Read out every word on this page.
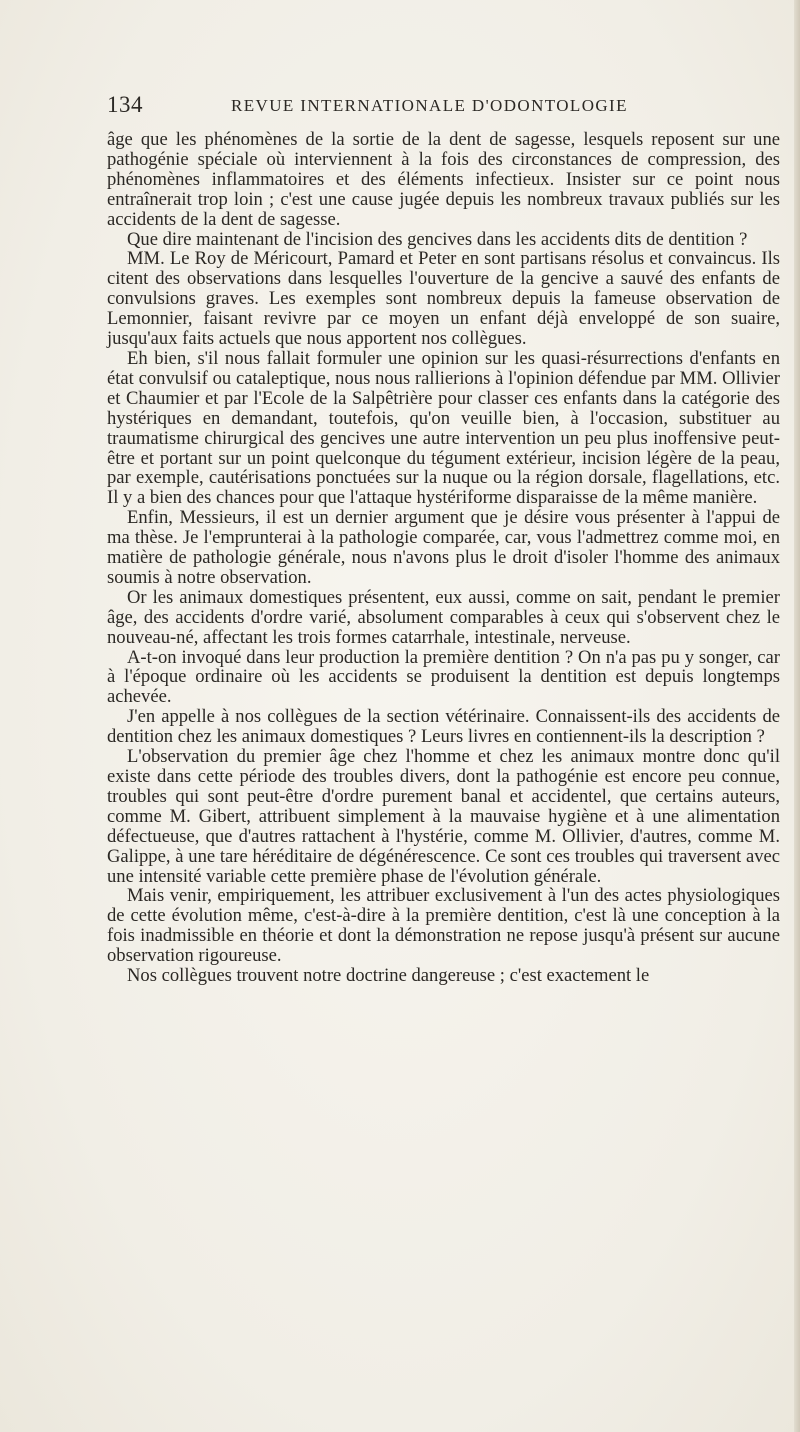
134	REVUE INTERNATIONALE D'ODONTOLOGIE

âge que les phénomènes de la sortie de la dent de sagesse, lesquels reposent sur une pathogénie spéciale où interviennent à la fois des circonstances de compression, des phénomènes inflammatoires et des éléments infectieux. Insister sur ce point nous entraînerait trop loin ; c'est une cause jugée depuis les nombreux travaux publiés sur les accidents de la dent de sagesse.

Que dire maintenant de l'incision des gencives dans les accidents dits de dentition ?

MM. Le Roy de Méricourt, Pamard et Peter en sont partisans résolus et convaincus. Ils citent des observations dans lesquelles l'ouverture de la gencive a sauvé des enfants de convulsions graves. Les exemples sont nombreux depuis la fameuse observation de Lemonnier, faisant revivre par ce moyen un enfant déjà enveloppé de son suaire, jusqu'aux faits actuels que nous apportent nos collègues.

Eh bien, s'il nous fallait formuler une opinion sur les quasi-résurrections d'enfants en état convulsif ou cataleptique, nous nous rallierions à l'opinion défendue par MM. Ollivier et Chaumier et par l'Ecole de la Salpêtrière pour classer ces enfants dans la catégorie des hystériques en demandant, toutefois, qu'on veuille bien, à l'occasion, substituer au traumatisme chirurgical des gencives une autre intervention un peu plus inoffensive peut-être et portant sur un point quelconque du tégument extérieur, incision légère de la peau, par exemple, cautérisations ponctuées sur la nuque ou la région dorsale, flagellations, etc. Il y a bien des chances pour que l'attaque hystériforme disparaisse de la même manière.

Enfin, Messieurs, il est un dernier argument que je désire vous présenter à l'appui de ma thèse. Je l'emprunterai à la pathologie comparée, car, vous l'admettrez comme moi, en matière de pathologie générale, nous n'avons plus le droit d'isoler l'homme des animaux soumis à notre observation.

Or les animaux domestiques présentent, eux aussi, comme on sait, pendant le premier âge, des accidents d'ordre varié, absolument comparables à ceux qui s'observent chez le nouveau-né, affectant les trois formes catarrhale, intestinale, nerveuse.

A-t-on invoqué dans leur production la première dentition ? On n'a pas pu y songer, car à l'époque ordinaire où les accidents se produisent la dentition est depuis longtemps achevée.

J'en appelle à nos collègues de la section vétérinaire. Connaissent-ils des accidents de dentition chez les animaux domestiques ? Leurs livres en contiennent-ils la description ?

L'observation du premier âge chez l'homme et chez les animaux montre donc qu'il existe dans cette période des troubles divers, dont la pathogénie est encore peu connue, troubles qui sont peut-être d'ordre purement banal et accidentel, que certains auteurs, comme M. Gibert, attribuent simplement à la mauvaise hygiène et à une alimentation défectueuse, que d'autres rattachent à l'hystérie, comme M. Ollivier, d'autres, comme M. Galippe, à une tare héréditaire de dégénérescence. Ce sont ces troubles qui traversent avec une intensité variable cette première phase de l'évolution générale.

Mais venir, empiriquement, les attribuer exclusivement à l'un des actes physiologiques de cette évolution même, c'est-à-dire à la première dentition, c'est là une conception à la fois inadmissible en théorie et dont la démonstration ne repose jusqu'à présent sur aucune observation rigoureuse.

Nos collègues trouvent notre doctrine dangereuse ; c'est exactement le
